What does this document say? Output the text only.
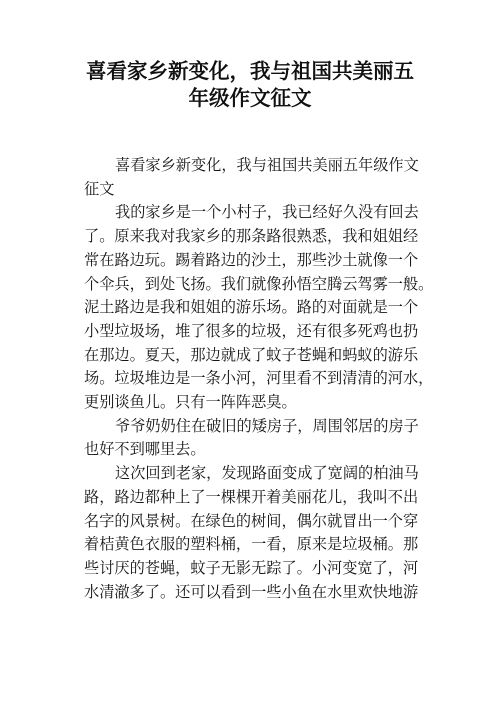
喜看家乡新变化，我与祖国共美丽五
年级作文征文
喜看家乡新变化，我与祖国共美丽五年级作文
征文
我的家乡是一个小村子，我已经好久没有回去
了。原来我对我家乡的那条路很熟悉，我和姐姐经
常在路边玩。踢着路边的沙土，那些沙土就像一个
个伞兵，到处飞扬。我们就像孙悟空腾云驾雾一般。
泥土路边是我和姐姐的游乐场。路的对面就是一个
小型垃圾场，堆了很多的垃圾，还有很多死鸡也扔
在那边。夏天，那边就成了蚊子苍蝇和蚂蚁的游乐
场。垃圾堆边是一条小河，河里看不到清清的河水，
更别谈鱼儿。只有一阵阵恶臭。
爷爷奶奶住在破旧的矮房子，周围邻居的房子
也好不到哪里去。
这次回到老家，发现路面变成了宽阔的柏油马
路，路边都种上了一棵棵开着美丽花儿，我叫不出
名字的风景树。在绿色的树间，偶尔就冒出一个穿
着桔黄色衣服的塑料桶，一看，原来是垃圾桶。那
些讨厌的苍蝇，蚊子无影无踪了。小河变宽了，河
水清澈多了。还可以看到一些小鱼在水里欢快地游
